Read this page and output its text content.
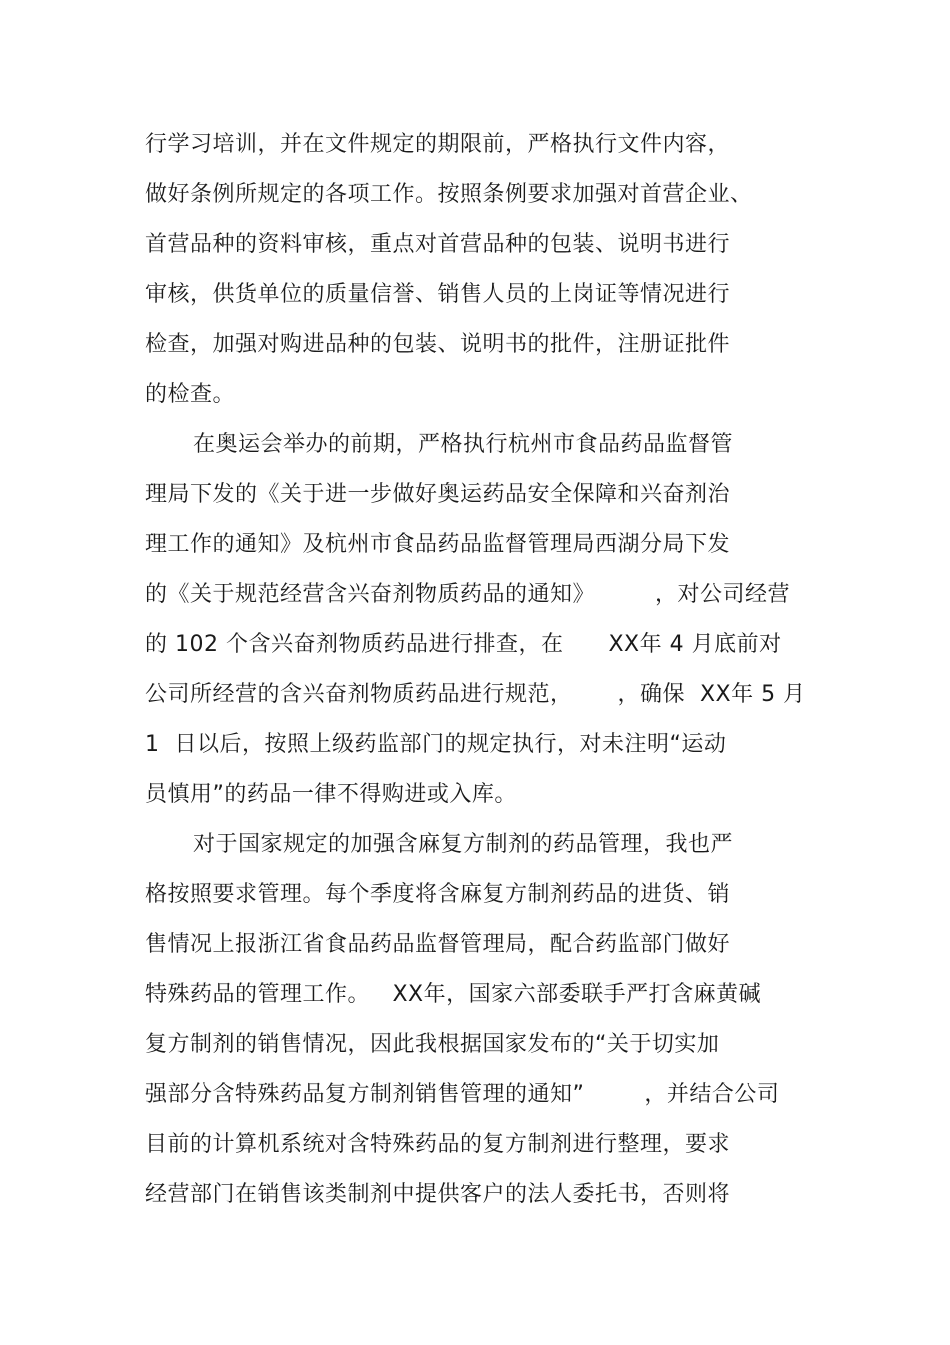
行学习培训，并在文件规定的期限前，严格执行文件内容，
做好条例所规定的各项工作。按照条例要求加强对首营企业、
首营品种的资料审核，重点对首营品种的包装、说明书进行
审核，供货单位的质量信誉、销售人员的上岗证等情况进行
检查，加强对购进品种的包装、说明书的批件，注册证批件
的检查。
在奥运会举办的前期，严格执行杭州市食品药品监督管
理局下发的《关于进一步做好奥运药品安全保障和兴奋剂治
理工作的通知》及杭州市食品药品监督管理局西湖分局下发
的《关于规范经营含兴奋剂物质药品的通知》        ，对公司经营
的 102 个含兴奋剂物质药品进行排查，在      XX年 4 月底前对
公司所经营的含兴奋剂物质药品进行规范，      ，确保  XX年 5 月
1  日以后，按照上级药监部门的规定执行，对未注明“运动
员慎用”的药品一律不得购进或入库。
对于国家规定的加强含麻复方制剂的药品管理，我也严
格按照要求管理。每个季度将含麻复方制剂药品的进货、销
售情况上报浙江省食品药品监督管理局，配合药监部门做好
特殊药品的管理工作。   XX年，国家六部委联手严打含麻黄碱
复方制剂的销售情况，因此我根据国家发布的“关于切实加
强部分含特殊药品复方制剂销售管理的通知”        ，并结合公司
目前的计算机系统对含特殊药品的复方制剂进行整理，要求
经营部门在销售该类制剂中提供客户的法人委托书，否则将
